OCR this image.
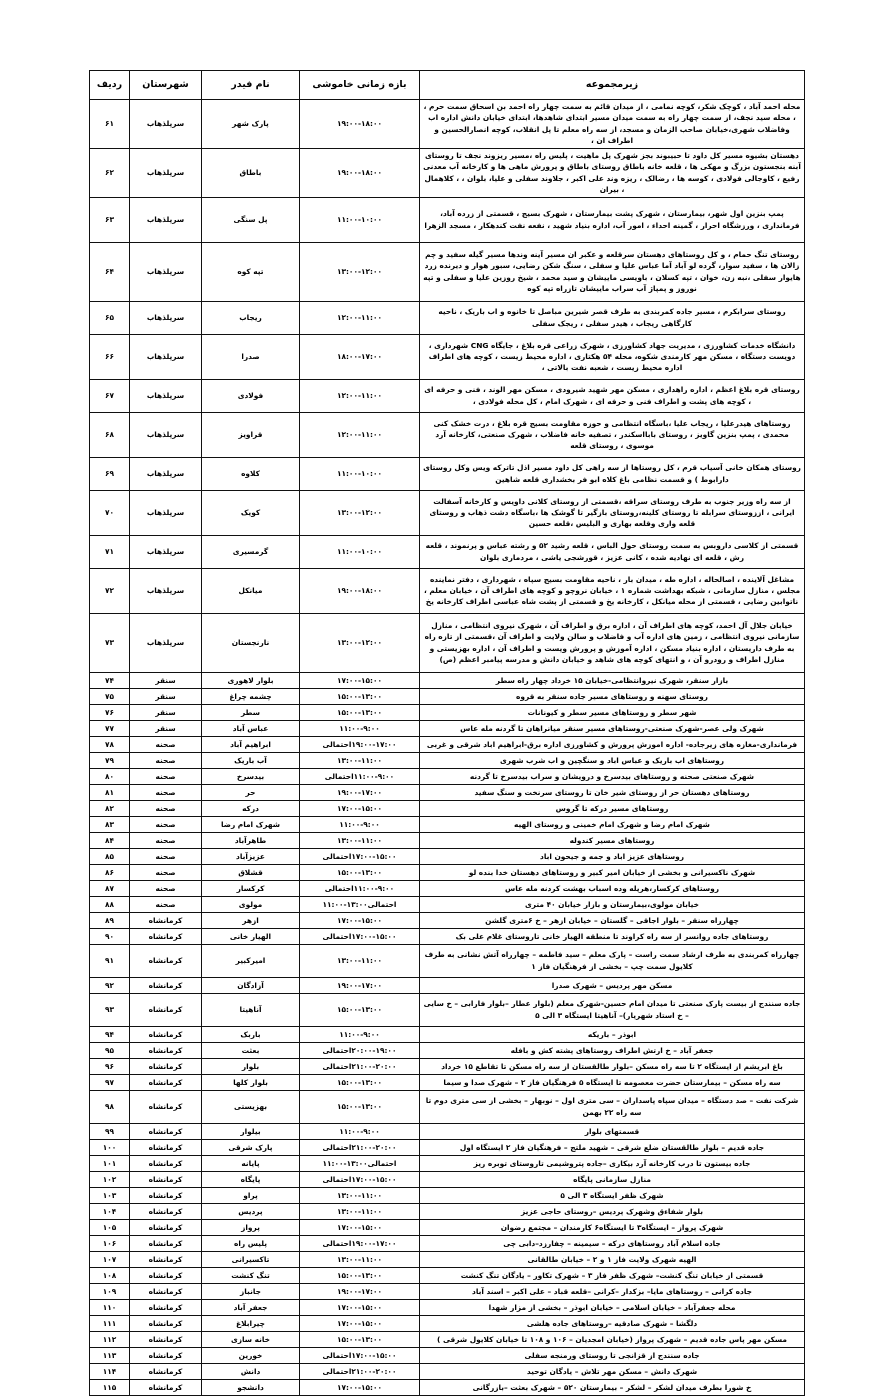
زیرمجموعه	بازه زمانی خاموشی	نام فیدر	شهرستان	ردیف
محله احمد آباد ، کوچک شکر، کوچه نمامی ، از میدان قائم به سمت چهار راه احمد بن اسحاق سمت حرم ، ، محله سید نجف، از سمت چهار راه به سمت میدان مسیر ابتدای شاهدها، ابتدای خیابان دانش اداره اب وفاضلاب شهری،خیابان صاحب الزمان و مسجد، از سه راه معلم تا پل انقلاب، کوچه انصارالحسین و اطراف ان ،	۱۹:۰۰-۱۸:۰۰	پارک شهر	سرپلذهاب	۶۱
دهستان بشیوه مسیر کل داود تا حبیبوند بجز شهرک پل ماهیت ، پلیس راه ،مسیر ریزوند نجف تا روستای آبنه بنجستون بزرگ و مهکی ها ، قلعه خانه باطاق روستای باطاق و پرورش ماهی ها و کارخانه آب معدنی رفیع ، کاوجالی فولادی ، کوسه ها ، رضالک ، ریزه وند علی اکبر ، جلاوند سفلی و علیا، بلوان ، ، کلاهمال ، بیران	۱۹:۰۰-۱۸:۰۰	باطاق	سرپلذهاب	۶۲
پمپ بنزین اول شهر، بیمارستان ، شهرک پشت بیمارستان ، شهرک بسیج ، قسمتی از زرده آباد، فرمانداری ، ورزشگاه احرار ، گمینه احداء ، امور آب، اداره بنیاد شهید ، نفعه نفت کندهکار ، مسجد الزهرا	۱۱:۰۰-۱۰:۰۰	پل سنگی	سرپلذهاب	۶۳
روستای تنگ حمام ، و کل روستاهای دهستان سرقلعه و عکبر ان مسیر آینه وندها مسیر گیله سفید و چم زالان ها ، سفید سوار، گرده لو آباد آما عباس علیا و سفلی ، سنگ شکن رضایی، سبور هوار و دیرنده زرد هایوار سفلی ،نبه زن، خوان ، تپه کسلان ، باویسی ماییشان و سید محمد ، شیخ روزین علیا و سفلی و تپه نوروز و پمپاژ آب سراب ماییشان تازراه تپه کوه	۱۳:۰۰-۱۲:۰۰	تپه کوه	سرپلذهاب	۶۴
روستای سرابکرم ، مسیر جاده کمربندی به طرف قصر شیرین مباصل تا خانوه و اب باریک ، ناحیه کارگاهی ریجاب ، هیدر سفلی ، ریجک سفلی	۱۲:۰۰-۱۱:۰۰	ریجاب	سرپلذهاب	۶۵
دانشگاه خدمات کشاورزی ، مدیریت جهاد کشاورزی ، شهرک زراعی قره بلاغ ، جایگاه CNG شهرداری ، دویست دستگاه ، مسکن مهر کارمندی شکوه، محله ۵۴ هکتاری ، اداره محیط زیست ، کوچه های اطراف اداره محیط زیست ، شعبه نفت بالاتی ،	۱۸:۰۰-۱۷:۰۰	صدرا	سرپلذهاب	۶۶
روستای قره بلاغ اعظم ، اداره راهداری ، مسکن مهر شهید شیرودی ، مسکن مهر الوند ، فنی و حرفه ای ، کوچه های پشت و اطراف فنی و حرفه ای ، شهرک امام ، کل محله فولادی ،	۱۲:۰۰-۱۱:۰۰	فولادی	سرپلذهاب	۶۷
روستاهای هیدرعلیا ، ریجاب علیا ،باسگاه انتظامی و حوزه مقاومت بسیج قره بلاغ ، درت خشک کنی محمدی ، پمپ بنزین گاویز ، روستای بابااسکندر ، تصفیه خانه فاضلاب ، شهرک صنعتی، کارخانه آرد موسوی ، روستای قلعه	۱۲:۰۰-۱۱:۰۰	قراویز	سرپلذهاب	۶۸
روستای همکان خانی آسیاب قرم ، کل روستاها از سه راهی کل داود مسیر اذل تاترکه ویس وکل روستای دارابوط ) و قسمت نظامی باغ کلاه ابو فر بخشداری قلعه شاهین	۱۱:۰۰-۱۰:۰۰	کلاوه	سرپلذهاب	۶۹
از سه راه وزیر جنوب به طرف روستای سراقه ،قسمتی از روستای کلانی داویس و کارخانه آسفالت ایرانی ، اززوستای سرابله تا روستای کلینه،روستای بازگیر تا گوشک ها ،باسگاه دشت ذهاب و روستای قلعه واری وقلعه بهاری و البلیس ،قلعه حسین	۱۳:۰۰-۱۲:۰۰	کویک	سرپلذهاب	۷۰
قسمتی از کلاسی داروبس به سمت روستای حول الباس ، قلعه رشید ۵۲ و رشته عباس و پرنموند ، قلعه رش ، قلعه ای نهادیه شده ، کانی عزیز ، قورشجی یاشی ، مردماری بلوان	۱۱:۰۰-۱۰:۰۰	گرمسیری	سرپلذهاب	۷۱
مشاغل آلاینده ، اصالحاله ، اداره طه ، میدان بار ، ناحیه مقاومت بسیج سپاه ، شهرداری ، دفتر نماینده مجلس ، منازل سازمانی ، شبکه بهداشت شماره ۱ ، خیابان نروچو و کوچه های اطراف آن ، خیابان معلم ، ناتوابین رضایی ، قسمتی از محله میانکل ، کارخانه یخ و قسمتی از پشت شاه عباسی اطراف کارخانه یخ	۱۹:۰۰-۱۸:۰۰	میانکل	سرپلذهاب	۷۲
خیابان جلال آل احمد، کوچه های اطراف آن ، اداره برق و اطراف آن ، شهرک نیروی انتظامی ، منازل سازمانی نیروی انتظامی ، زمین های اداره آب و فاضلاب و سالن ولایت و اطراف آن ،قسمتی از تازه راه به طرف داریستان ، اداره بنیاد مسکن ، اداره آموزش و پرورش وپست و اطراف آن ، اداره بهزیستی و منازل اطراف و رودرو آن ، و انتهای کوچه های شاهد و خیابان دانش و مدرسه پیامبر اعظم (ص)	۱۳:۰۰-۱۲:۰۰	نارنجستان	سرپلذهاب	۷۳
بازار سنقر، شهرک نیروانتظامی-خیابان ۱۵ خرداد چهار راه سطر	۱۷:۰۰-۱۵:۰۰	بلوار لاهوری	سنقر	۷۴
روستای سهنه و روستاهای مسیر جاده سنقر به قروه	۱۵:۰۰-۱۳:۰۰	چشمه چراغ	سنقر	۷۵
شهر سطر و روستاهای مسیر سطر و کیونانات	۱۵:۰۰-۱۳:۰۰	سطر	سنقر	۷۶
شهرک ولی عصر-شهرک صنعتی-روستاهای مسیر سنقر میانراهان تا گردنه مله عاس	۱۱:۰۰-۹:۰۰	عباس آباد	سنقر	۷۷
فرمانداری-مغازه های زیرجاده- اداره اموزش پرورش و کشاورزی اداره برق-ابراهیم اباد شرقی و غربی	۱۹:۰۰-۱۷:۰۰احتمالی	ابراهیم آباد	صحنه	۷۸
روستاهای اب باریک و عباس اباد و سنگچین و اب شرب شهری	۱۳:۰۰-۱۱:۰۰	آب باریک	صحنه	۷۹
شهرک صنعتی صحنه و روستاهای بیدسرخ و درویشان و سراب بیدسرخ تا گردنه	۱۱:۰۰-۹:۰۰احتمالی	بیدسرخ	صحنه	۸۰
روستاهای دهستان حر از روستای شیر خان تا روستای سرنخت و سنگ سفید	۱۹:۰۰-۱۷:۰۰	حر	صحنه	۸۱
روستاهای مسیر درکه تا گروس	۱۷:۰۰-۱۵:۰۰	درکه	صحنه	۸۲
شهرک امام رضا و شهرک امام خمینی و روستای الهیه	۱۱:۰۰-۹:۰۰	شهرک امام رضا	صحنه	۸۳
روستاهای مسیر کندوله	۱۳:۰۰-۱۱:۰۰	طاهرآباد	صحنه	۸۴
روستاهای عزیز اباد و جمه و جیحون اباد	۱۷:۰۰-۱۵:۰۰احتمالی	عزیزآباد	صحنه	۸۵
شهرک ناکسیرانی و بخشی از خیابان امیر کبیر و روستاهای دهستان خدا بنده لو	۱۵:۰۰-۱۳:۰۰	قشلاق	صحنه	۸۶
روستاهای کرکسار،هرپله وده اسباب بهشت کردنه مله عاس	۱۱:۰۰-۹:۰۰احتمالی	کرکسار	صحنه	۸۷
خیابان مولوی،بیمارستان و بازار خیابان ۴۰ متری	احتمالی۱۳:۰۰-۱۱:۰۰	مولوی	صحنه	۸۸
چهارراه سنقر – بلوار اجاقی – گلستان – خیابان ازهر – خ ۶متری گلشن	۱۷:۰۰-۱۵:۰۰	ازهر	کرمانشاه	۸۹
روستاهای جاده روانسر از سه راه کراوند تا منطقه الهیار خانی تاروستای غلام علی بک	۱۷:۰۰-۱۵:۰۰احتمالی	الهیار خانی	کرمانشاه	۹۰
چهارراه کمربندی به طرف ارشاد سمت راست – پارک معلم – سید فاطمه – چهارراه آتش نشانی به طرف کلایول سمت چپ – بخشی از فرهنگیان فاز ۱	۱۳:۰۰-۱۱:۰۰	امیرکبیر	کرمانشاه	۹۱
مسکن مهر پردیس – شهرک صدرا	۱۹:۰۰-۱۷:۰۰	آزادگان	کرمانشاه	۹۲
جاده سنندج از بیست پارک صنعتی تا میدان امام حسین-شهرک معلم (بلوار عطار –بلوار فارابی – خ سایی – خ استاد شهریار)– آناهیتا ایستگاه ۳ الی ۵	۱۵:۰۰-۱۳:۰۰	آناهیتا	کرمانشاه	۹۳
ابوذر – باریکه	۱۱:۰۰-۹:۰۰	باربک	کرمانشاه	۹۴
جعفر آباد – خ ارتش اطراف روستاهای پشته کش و بافله	۲۰:۰۰-۱۹:۰۰احتمالی	بعثت	کرمانشاه	۹۵
باغ ابریشم از ایستگاه ۲ تا سه راه مسکن –بلوار طالقستان از سه راه مسکن تا تقاطع ۱۵ خرداد	۲۱:۰۰-۲۰:۰۰احتمالی	بلوار	کرمانشاه	۹۶
سه راه مسکن – بیمارستان حضرت معصومه تا ایستگاه ۵ فرهنگیان فاز ۲ – شهرک صدا و سیما	۱۵:۰۰-۱۳:۰۰	بلوار کلها	کرمانشاه	۹۷
شرکت نفت – صد دستگاه – میدان سپاه پاسداران – سی متری اول – نوبهار – بخشی از سی متری دوم تا سه راه ۲۲ بهمن	۱۵:۰۰-۱۳:۰۰	بهزیستی	کرمانشاه	۹۸
قسمتهای بلوار	۱۱:۰۰-۹:۰۰	بیلوار	کرمانشاه	۹۹
جاده قدیم – بلوار طالقستان ضلع شرقی – شهید ملتج – فرهنگیان فاز ۲ ایستگاه اول	۲۱:۰۰-۲۰:۰۰احتمالی	پارک شرقی	کرمانشاه	۱۰۰
جاده بیستون تا درب کارخانه آرد بیکاری –جاده پتروشیمی تاروستای توبره ریز	احتمالی۱۳:۰۰-۱۱:۰۰	پایانه	کرمانشاه	۱۰۱
منازل سازمانی پایگاه	۱۷:۰۰-۱۵:۰۰احتمالی	پایگاه	کرمانشاه	۱۰۲
شهرک ظفر ایستگاه ۳ الی ۵	۱۳:۰۰-۱۱:۰۰	پراو	کرمانشاه	۱۰۳
بلوار شفاءق وشهرک پردیس –روستای حاجی عزیز	۱۳:۰۰-۱۱:۰۰	پردیس	کرمانشاه	۱۰۴
شهرک پرواز – ایستگاه۳ تا ایستگاه۶ کارمندان – مجتمع رضوان	۱۷:۰۰-۱۵:۰۰	پرواز	کرمانشاه	۱۰۵
جاده اسلام آباد روستاهای درکه – سیمینه – چفارزد–دابی چی	۱۹:۰۰-۱۷:۰۰احتمالی	پلیس راه	کرمانشاه	۱۰۶
الهیه شهرک ولایت فاز ۱ و ۲ – خیابان طالقانی	۱۳:۰۰-۱۱:۰۰	تاکسیرانی	کرمانشاه	۱۰۷
قسمتی از خیابان تنگ کنشت– شهرک ظفر فاز ۳ – شهرک تکاور – یادگان تنگ کنشت	۱۵:۰۰-۱۳:۰۰	تنگ کنشت	کرمانشاه	۱۰۸
جاده کرانی – روستاهای مایا– بزکدار –کرانی –قلعه قباد – علی اکبر – اسند آباد	۱۹:۰۰-۱۷:۰۰	جانباز	کرمانشاه	۱۰۹
محله جعفرآباد – خیابان اسلامی – خیابان ابوذر – بخشی از مزار شهدا	۱۷:۰۰-۱۵:۰۰	جعفر آباد	کرمانشاه	۱۱۰
دلگشا – شهرک صادقیه –روستاهای جاده هلشی	۱۷:۰۰-۱۵:۰۰	چیرابلاغ	کرمانشاه	۱۱۱
مسکن مهر پاس جاده قدیم – شهرک پرواز (خیابان امجدیان – ۱۰۶ و ۱۰۸ تا خیابان کلایول شرقی )	۱۵:۰۰-۱۳:۰۰	خانه سازی	کرمانشاه	۱۱۲
جاده سنندج از قزانجی تا روستای ورمنجه سفلی	۱۷:۰۰-۱۵:۰۰احتمالی	خورین	کرمانشاه	۱۱۳
شهرک دانش – مسکن مهر تلاش – یادگان توحید	۲۱:۰۰-۲۰:۰۰احتمالی	دانش	کرمانشاه	۱۱۴
خ شورا بطرف میدان لشکر – لشکر – بیمارستان ۵۲۰ – شهرک بعثت –بازرگانی	۱۷:۰۰-۱۵:۰۰	دانشجو	کرمانشاه	۱۱۵
